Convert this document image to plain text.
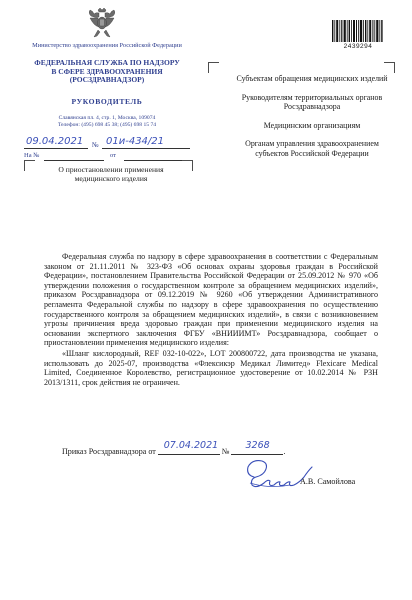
2439294
Министерство здравоохранения Российской Федерации
ФЕДЕРАЛЬНАЯ СЛУЖБА ПО НАДЗОРУ
В СФЕРЕ ЗДРАВООХРАНЕНИЯ
(РОСЗДРАВНАДЗОР)
РУКОВОДИТЕЛЬ
Славянская пл. 4, стр. 1, Москва, 109074
Телефон: (495) 698 45 38; (495) 698 15 74
09.04.2021 № 01и-434/21
На №	от
О приостановлении применения
медицинского изделия

Субъектам обращения медицинских изделий

Руководителям территориальных органов Росздравнадзора

Медицинским организациям

Органам управления здравоохранением субъектов Российской Федерации

Федеральная служба по надзору в сфере здравоохранения в соответствии с Федеральным законом от 21.11.2011 № 323-ФЗ «Об основах охраны здоровья граждан в Российской Федерации», постановлением Правительства Российской Федерации от 25.09.2012 № 970 «Об утверждении положения о государственном контроле за обращением медицинских изделий», приказом Росздравнадзора от 09.12.2019 № 9260 «Об утверждении Административного регламента Федеральной службы по надзору в сфере здравоохранения по осуществлению государственного контроля за обращением медицинских изделий», в связи с возникновением угрозы причинения вреда здоровью граждан при применении медицинского изделия на основании экспертного заключения ФГБУ «ВНИИИМТ» Росздравнадзора, сообщает о приостановлении применения медицинского изделия:

«Шланг кислородный, REF 032-10-022», LOT 200800722, дата производства не указана, использовать до 2025-07, производства «Флексикэр Медикал Лимитед» Flexicare Medical Limited, Соединенное Королевство, регистрационное удостоверение от 10.02.2014 № РЗН 2013/1311, срок действия не ограничен.

Приказ Росздравнадзора от
07.04.2021
№
3268
.
А.В. Самойлова
